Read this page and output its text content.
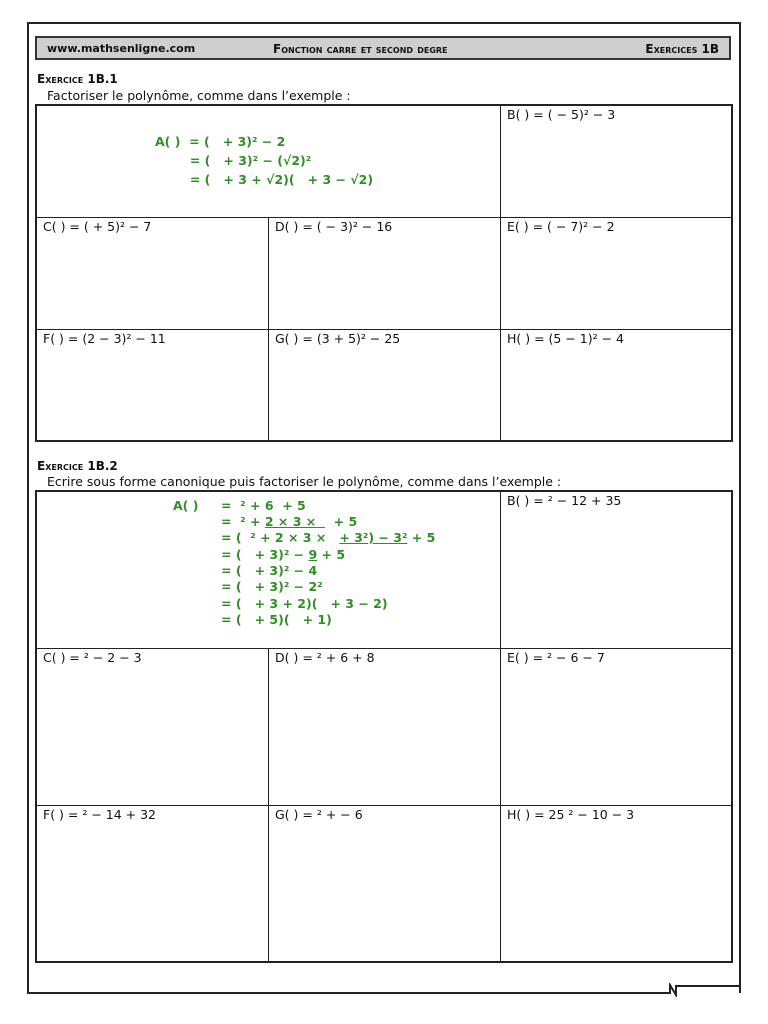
www.mathsenligne.com	Fonction carre et second degre	Exercices 1B
Exercice 1B.1
Factoriser le polynôme, comme dans l’exemple :
A( )  = (   + 3)² − 2
= (   + 3)² − (√2)²
= (   + 3 + √2)(   + 3 − √2)
B( ) = ( − 5)² − 3
C( ) = ( + 5)² − 7	D( ) = ( − 3)² − 16	E( ) = ( − 7)² − 2
F( ) = (2 − 3)² − 11	G( ) = (3 + 5)² − 25	H( ) = (5 − 1)² − 4
Exercice 1B.2
Ecrire sous forme canonique puis factoriser le polynôme, comme dans l’exemple :
A( ) =  ² + 6  + 5
=  ² + 2 × 3 ×    + 5
= (  ² + 2 × 3 ×   + 3²) − 3² + 5
= (   + 3)² − 9 + 5
= (   + 3)² − 4
= (   + 3)² − 2²
= (   + 3 + 2)(   + 3 − 2)
= (   + 5)(   + 1)
B( ) = ² − 12 + 35
C( ) = ² − 2 − 3	D( ) = ² + 6 + 8	E( ) = ² − 6 − 7
F( ) = ² − 14 + 32	G( ) = ² + − 6	H( ) = 25 ² − 10 − 3
